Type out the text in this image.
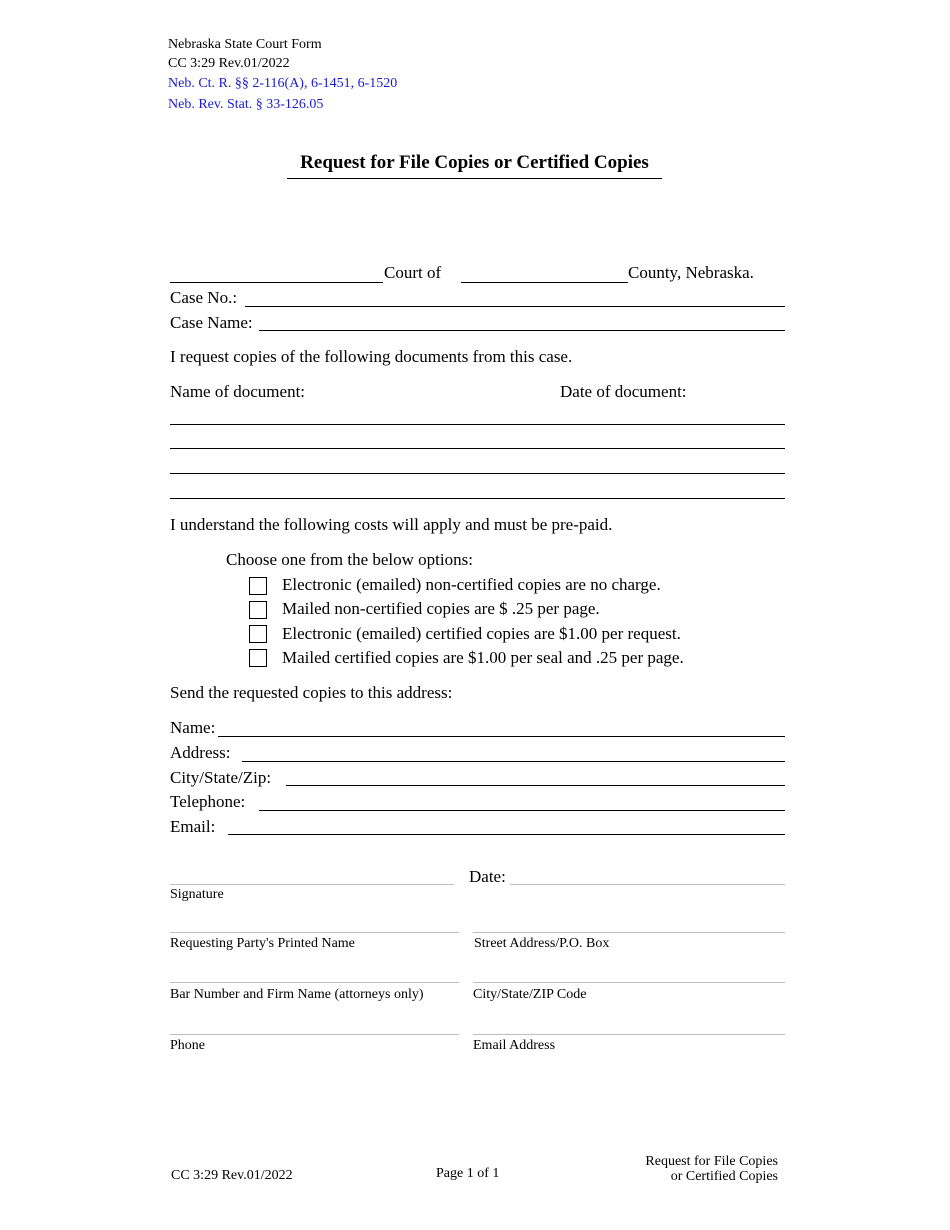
Nebraska State Court Form
CC 3:29 Rev.01/2022
Neb. Ct. R. §§ 2-116(A), 6-1451, 6-1520
Neb. Rev. Stat. § 33-126.05
Request for File Copies or Certified Copies
Court of	County, Nebraska.
Case No.:
Case Name:
I request copies of the following documents from this case.
Name of document:	Date of document:
I understand the following costs will apply and must be pre-paid.
Choose one from the below options:
Electronic (emailed) non-certified copies are no charge.
Mailed non-certified copies are $ .25 per page.
Electronic (emailed) certified copies are $1.00 per request.
Mailed certified copies are $1.00 per seal and .25 per page.
Send the requested copies to this address:
Name:
Address:
City/State/Zip:
Telephone:
Email:
Date:
Signature
Requesting Party's Printed Name	Street Address/P.O. Box
Bar Number and Firm Name (attorneys only)	City/State/ZIP Code
Phone	Email Address
CC 3:29 Rev.01/2022	Page 1 of 1
Request for File Copies
or Certified Copies
